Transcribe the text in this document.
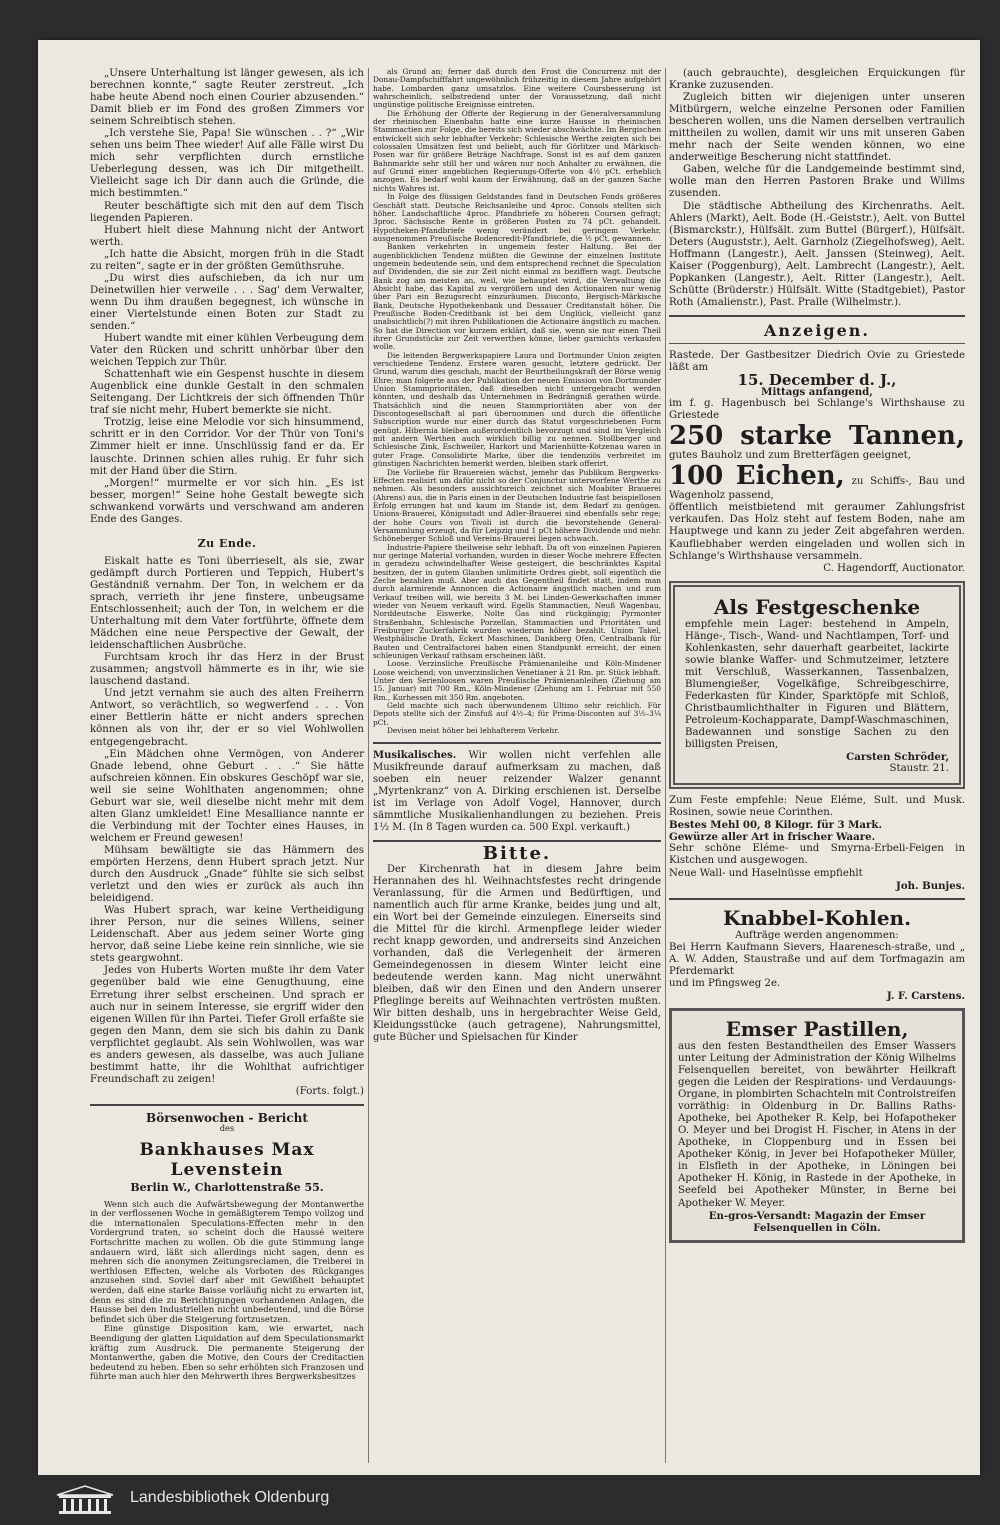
„Unsere Unterhaltung ist länger gewesen, als ich berechnen konnte,“ sagte Reuter zerstreut. „Ich habe heute Abend noch einen Courier abzusenden.“ Damit blieb er im Fond des großen Zimmers vor seinem Schreibtisch stehen.

„Ich verstehe Sie, Papa! Sie wünschen . . ?“ „Wir sehen uns beim Thee wieder! Auf alle Fälle wirst Du mich sehr verpflichten durch ernstliche Ueberlegung dessen, was ich Dir mitgetheilt. Vielleicht sage ich Dir dann auch die Gründe, die mich bestimmten.“

Reuter beschäftigte sich mit den auf dem Tisch liegenden Papieren.

Hubert hielt diese Mahnung nicht der Antwort werth.

„Ich hatte die Absicht, morgen früh in die Stadt zu reiten“, sagte er in der größten Gemüthsruhe.

„Du wirst dies aufschieben, da ich nur um Deinetwillen hier verweile . . . Sag' dem Verwalter, wenn Du ihm draußen begegnest, ich wünsche in einer Viertelstunde einen Boten zur Stadt zu senden.“

Hubert wandte mit einer kühlen Verbeugung dem Vater den Rücken und schritt unhörbar über den weichen Teppich zur Thür.

Schattenhaft wie ein Gespenst huschte in diesem Augenblick eine dunkle Gestalt in den schmalen Seitengang. Der Lichtkreis der sich öffnenden Thür traf sie nicht mehr, Hubert bemerkte sie nicht.

Trotzig, leise eine Melodie vor sich hinsummend, schritt er in den Corridor. Vor der Thür von Toni's Zimmer hielt er inne. Unschlüssig fand er da. Er lauschte. Drinnen schien alles ruhig. Er fuhr sich mit der Hand über die Stirn.

„Morgen!“ murmelte er vor sich hin. „Es ist besser, morgen!“ Seine hohe Gestalt bewegte sich schwankend vorwärts und verschwand am anderen Ende des Ganges.

Zu Ende.

Eiskalt hatte es Toni überrieselt, als sie, zwar gedämpft durch Portieren und Teppich, Hubert's Geständniß vernahm. Der Ton, in welchem er da sprach, verrieth ihr jene finstere, unbeugsame Entschlossenheit; auch der Ton, in welchem er die Unterhaltung mit dem Vater fortführte, öffnete dem Mädchen eine neue Perspective der Gewalt, der leidenschaftlichen Ausbrüche.

Furchtsam kroch ihr das Herz in der Brust zusammen; angstvoll hämmerte es in ihr, wie sie lauschend dastand.

Und jetzt vernahm sie auch des alten Freiherrn Antwort, so verächtlich, so wegwerfend . . . Von einer Bettlerin hätte er nicht anders sprechen können als von ihr, der er so viel Wohlwollen entgegengebracht.

„Ein Mädchen ohne Vermögen, von Anderer Gnade lebend, ohne Geburt . . .“ Sie hätte aufschreien können. Ein obskures Geschöpf war sie, weil sie seine Wohlthaten angenommen; ohne Geburt war sie, weil dieselbe nicht mehr mit dem alten Glanz umkleidet! Eine Mesalliance nannte er die Verbindung mit der Tochter eines Hauses, in welchem er Freund gewesen!

Mühsam bewältigte sie das Hämmern des empörten Herzens, denn Hubert sprach jetzt. Nur durch den Ausdruck „Gnade“ fühlte sie sich selbst verletzt und den wies er zurück als auch ihn beleidigend.

Was Hubert sprach, war keine Vertheidigung ihrer Person, nur die seines Willens, seiner Leidenschaft. Aber aus jedem seiner Worte ging hervor, daß seine Liebe keine rein sinnliche, wie sie stets geargwohnt.

Jedes von Huberts Worten mußte ihr dem Vater gegenüber bald wie eine Genugthuung, eine Erretung ihrer selbst erscheinen. Und sprach er auch nur in seinem Interesse, sie ergriff wider den eigenen Willen für ihn Partei. Tiefer Groll erfaßte sie gegen den Mann, dem sie sich bis dahin zu Dank verpflichtet geglaubt. Als sein Wohlwollen, was war es anders gewesen, als dasselbe, was auch Juliane bestimmt hatte, ihr die Wohlthat aufrichtiger Freundschaft zu zeigen!

(Forts. folgt.)

Börsenwochen - Bericht

des

Bankhauses Max Levenstein

Berlin W., Charlottenstraße 55.

Wenn sich auch die Aufwärtsbewegung der Montanwerthe in der verflossenen Woche in gemäßigterem Tempo vollzog und die internationalen Speculations-Effecten mehr in den Vordergrund traten, so scheint doch die Haussé weitere Fortschritte machen zu wollen. Ob die gute Stimmung lange andauern wird, läßt sich allerdings nicht sagen, denn es mehren sich die anonymen Zeitungsreclamen, die Treiberei in werthlosen Effecten, welche als Vorboten des Rückganges anzusehen sind. Soviel darf aber mit Gewißheit behauptet werden, daß eine starke Baisse vorläufig nicht zu erwarten ist, denn es sind die zu Berichtigungen vorhandenen Anlagen, die Hausse bei den Industriellen nicht unbedeutend, und die Börse befindet sich über die Steigerung fortzusetzen.

Eine günstige Disposition kam, wie erwartet, nach Beendigung der glatten Liquidation auf dem Speculationsmarkt kräftig zum Ausdruck. Die permanente Steigerung der Montanwerthe, gaben die Motive, den Cours der Creditactien bedeutend zu heben. Eben so sehr erhöhten sich Franzosen und führte man auch hier den Mehrwerth ihres Bergwerksbesitzes

als Grund an; ferner daß durch den Frost die Concurrenz mit der Donau-Dampfschifffahrt ungewöhnlich frühzeitig in diesem Jahre aufgehört habe. Lombarden ganz umsatzlos. Eine weitere Coursbesserung ist wahrscheinlich, selbstredend unter der Voraussetzung, daß nicht ungünstige politische Ereignisse eintreten.

Die Erhöhung der Offerte der Regierung in der Generalversammlung der rheinischen Eisenbahn hatte eine kurze Hausse in rheinischen Stammactien zur Folge, die bereits sich wieder abschwächte. Im Bergischen entwickelt sich sehr lebhafter Verkehr; Schlesische Werthe zeigten sich bei colossalen Umsätzen fest und beliebt, auch für Görlitzer und Märkisch-Posen war für größere Beträge Nachfrage. Sonst ist es auf dem ganzen Bahnmarkte sehr still her und wären nur noch Anhalter zu erwähnen, die auf Grund einer angeblichen Regierungs-Offerte von 4½ pCt. erheblich anzogen. Es bedarf wohl kaum der Erwähnung, daß an der ganzen Sache nichts Wahres ist.

In Folge des flüssigen Geldstandes fand in Deutschen Fonds größeres Geschäft statt. Deutsche Reichsanleihe und 4proc. Consols stellten sich höher. Landschaftliche 4proc. Pfandbriefe zu höheren Coursen gefragt; 3proc. Sächsische Rente in größeren Posten zu 74 pCt. gehandelt. Hypotheken-Pfandbriefe wenig verändert bei geringem Verkehr, ausgenommen Preußische Bodencredit-Pfandbriefe, die ½ pCt. gewannen.

Banken verkehrten in ungemein fester Haltung. Bei der augenblicklichen Tendenz müßten die Gewinne der einzelnen Institute ungemein bedeutende sein, und dem entsprechend rechnet die Speculation auf Dividenden, die sie zur Zeit nicht einmal zu beziffern wagt. Deutsche Bank zog am meisten an, weil, wie behauptet wird, die Verwaltung die Absicht habe, das Kapital zu vergrößern und den Actionairen nur wenig über Pari ein Bezugsrecht einzuräumen. Disconto, Bergisch-Märkische Bank, Deutsche Hypothekenbank und Dessauer Creditanstalt höher. Die Preußische Boden-Creditbank ist bei dem Unglück, vielleicht ganz unabsichtlich(?) mit ihren Publikationen die Actionaire ängstlich zu machen. So hat die Direction vor kurzem erklärt, daß sie, wenn sie nur einen Theil ihrer Grundstücke zur Zeit verwerthen könne, lieber garnichts verkaufen wolle.

Die leitenden Bergwerkspapiere Laura und Dortmunder Union zeigten verschiedene Tendenz. Erstere waren gesucht, letztere gedrückt. Der Grund, warum dies geschah, macht der Beurtheilungskraft der Börse wenig Ehre; man folgerte aus der Publikation der neuen Emission von Dortmunder Union Stammprioritäten, daß dieselben nicht untergebracht werden könnten, und deshalb das Unternehmen in Bedrängniß gerathen würde. Thatsächlich sind die neuen Stammprioritäten aber von der Discontogesellschaft al pari übernommen und durch die öffentliche Subscription wurde nur einer durch das Statut vorgeschriebenen Form genügt. Hibernia bleiben außerordentlich bevorzugt und sind im Vergleich mit andern Werthen auch wirklich billig zu nennen. Stollberger und Schlesische Zink, Eschweiler, Harkort und Marienhütte-Kotzenau waren in guter Frage. Consolidirte Marke, über die tendenziös verbreitet im günstigen Nachrichten bemerkt werden, bleiben stark offerirt.

Die Vorliebe für Brauereien wächst, jemehr das Publikum Bergwerks-Effecten realisirt um dafür nicht so der Conjunctur unterworfene Werthe zu nehmen. Als besonders aussichtsreich zeichnet sich Moabiter Brauerei (Ahrens) aus, die in Paris einen in der Deutschen Industrie fast beispiellosen Erfolg errungen hat und kaum im Stande ist, dem Bedarf zu genügen. Unions-Brauerei, Königsstadt und Adler-Brauerei sind ebenfalls sehr rege; der hohe Cours von Tivoli ist durch die bevorstehende General-Versammlung erzeugt, da für Leipzig und 1 pCt höhere Dividende und mehr. Schöneberger Schloß und Vereins-Brauerei liegen schwach.

Industrie-Papiere theilweise sehr lebhaft. Da oft von einzelnen Papieren nur geringe Material vorhanden, wurden in dieser Woche mehrere Effecten in geradezu schwindelhafter Weise gesteigert, die beschränktes Kapital besitzen, der in gutem Glauben unlimitirte Ordres giebt, soll eigentlich die Zeche bezahlen muß. Aber auch das Gegentheil findet statt, indem man durch alarmirende Annoncen die Actionaire ängstlich machen und zum Verkauf treiben will, wie bereits 3 M. bei Linden-Gewerkschaften immer wieder von Neuem verkauft wird. Egells Stammactien, Neuß Wagenbau, Norddeutsche Eiswerke, Nolte Gas sind rückgängig; Pyrmonter Straßenbahn, Schlesische Porzellan, Stammactien und Prioritäten und Freiburger Zuckerfabrik wurden wiederum höher bezahlt. Union Takel, Westphälische Drath, Eckert Maschinen, Dankberg Ofen, Centralbank für Bauten und Centralfactorei haben einen Standpunkt erreicht, der einen schleunigen Verkauf rathsam erscheinen läßt.

Loose. Verzinsliche Preußische Prämienanleihe und Köln-Mindener Loose weichend; von unverzinslichen Venetianer à 21 Rm. pr. Stück lebhaft. Unter den Serienloosen waren Preußische Prämienanleihen (Ziehung am 15. Januar) mit 700 Rm., Köln-Mindener (Ziehung am 1. Februar mit 550 Rm., Kurhessen mit 350 Rm. angeboten.

Geld machte sich nach überwundenem Ultimo sehr reichlich. Für Depots stellte sich der Zinsfuß auf 4½–4; für Prima-Disconten auf 3½–3¼ pCt.

Devisen meist höher bei lebhafterem Verkehr.

Musikalisches. Wir wollen nicht verfehlen alle Musikfreunde darauf aufmerksam zu machen, daß soeben ein neuer reizender Walzer genannt „Myrtenkranz“ von A. Dirking erschienen ist. Derselbe ist im Verlage von Adolf Vogel, Hannover, durch sämmtliche Musikalienhandlungen zu beziehen. Preis 1½ M. (In 8 Tagen wurden ca. 500 Expl. verkauft.)

Bitte.

Der Kirchenrath hat in diesem Jahre beim Herannahen des hl. Weihnachtsfestes recht dringende Veranlassung, für die Armen und Bedürftigen, und namentlich auch für arme Kranke, beides jung und alt, ein Wort bei der Gemeinde einzulegen. Einerseits sind die Mittel für die kirchl. Armenpflege leider wieder recht knapp geworden, und andrerseits sind Anzeichen vorhanden, daß die Verlegenheit der ärmeren Gemeindegenossen in diesem Winter leicht eine bedeutende werden kann. Mag nicht unerwähnt bleiben, daß wir den Einen und den Andern unserer Pfleglinge bereits auf Weihnachten vertrösten mußten. Wir bitten deshalb, uns in hergebrachter Weise Geld, Kleidungsstücke (auch getragene), Nahrungsmittel, gute Bücher und Spielsachen für Kinder

(auch gebrauchte), desgleichen Erquickungen für Kranke zuzusenden.

Zugleich bitten wir diejenigen unter unseren Mitbürgern, welche einzelne Personen oder Familien bescheren wollen, uns die Namen derselben vertraulich mittheilen zu wollen, damit wir uns mit unseren Gaben mehr nach der Seite wenden können, wo eine anderweitige Bescherung nicht stattfindet.

Gaben, welche für die Landgemeinde bestimmt sind, wolle man den Herren Pastoren Brake und Willms zusenden.

Die städtische Abtheilung des Kirchenraths. Aelt. Ahlers (Markt), Aelt. Bode (H.-Geiststr.), Aelt. von Buttel (Bismarckstr.), Hülfsält. zum Buttel (Bürgerf.), Hülfsält. Deters (Auguststr.), Aelt. Garnholz (Ziegelhofsweg), Aelt. Hoffmann (Langestr.), Aelt. Janssen (Steinweg), Aelt. Kaiser (Poggenburg), Aelt. Lambrecht (Langestr.), Aelt. Popkanken (Langestr.), Aelt. Ritter (Langestr.), Aelt. Schütte (Brüderstr.) Hülfsält. Witte (Stadtgebiet), Pastor Roth (Amalienstr.), Past. Pralle (Wilhelmstr.).

Anzeigen.

Rastede. Der Gastbesitzer Diedrich Ovie zu Griestede läßt am

15. December d. J.,

Mittags anfangend,

im f. g. Hagenbusch bei Schlange's Wirthshause zu Griestede

250 starke Tannen, gutes Bauholz und zum Bretterfägen geeignet,

100 Eichen, zu Schiffs-, Bau und Wagenholz passend,

öffentlich meistbietend mit geraumer Zahlungsfrist verkaufen. Das Holz steht auf festem Boden, nahe am Hauptwege und kann zu jeder Zeit abgefahren werden. Kaufliebhaber werden eingeladen und wollen sich in Schlange's Wirthshause versammeln.

C. Hagendorff, Auctionator.

Als Festgeschenke

empfehle mein Lager: bestehend in Ampeln, Hänge-, Tisch-, Wand- und Nachtlampen, Torf- und Kohlenkasten, sehr dauerhaft gearbeitet, lackirte sowie blanke Waffer- und Schmutzeimer, letztere mit Verschluß, Wasserkannen, Tassenbalzen, Blumengießer, Vogelkäfige, Schreibgeschirre, Federkasten für Kinder, Sparktöpfe mit Schloß, Christbaumlichthalter in Figuren und Blättern, Petroleum-Kochapparate, Dampf-Waschmaschinen, Badewannen und sonstige Sachen zu den billigsten Preisen,

Carsten Schröder,

Staustr. 21.

Zum Feste empfehle: Neue Eléme, Sult. und Musk. Rosinen, sowie neue Corinthen.

Bestes Mehl 00, 8 Kilogr. für 3 Mark.

Gewürze aller Art in frischer Waare.

Sehr schöne Eléme- und Smyrna-Erbeli-Feigen in Kistchen und ausgewogen.

Neue Wall- und Haselnüsse empfiehlt

Joh. Bunjes.

Knabbel-Kohlen.

Aufträge werden angenommen:

Bei Herrn Kaufmann Sievers, Haarenesch-straße, und „ A. W. Adden, Staustraße und auf dem Torfmagazin am Pferdemarkt

und im Pfingsweg 2e.

J. F. Carstens.

Emser Pastillen,

aus den festen Bestandtheilen des Emser Wassers unter Leitung der Administration der König Wilhelms Felsenquellen bereitet, von bewährter Heilkraft gegen die Leiden der Respirations- und Verdauungs-Organe, in plombirten Schachteln mit Controlstreifen vorräthig: in Oldenburg in Dr. Ballins Raths-Apotheke, bei Apotheker R. Kelp, bei Hofapotheker O. Meyer und bei Drogist H. Fischer, in Atens in der Apotheke, in Cloppenburg und in Essen bei Apotheker König, in Jever bei Hofapotheker Müller, in Elsfleth in der Apotheke, in Löningen bei Apotheker H. König, in Rastede in der Apotheke, in Seefeld bei Apotheker Münster, in Berne bei Apotheker W. Meyer.

En-gros-Versandt: Magazin der Emser Felsenquellen in Cöln.

Landesbibliothek Oldenburg
